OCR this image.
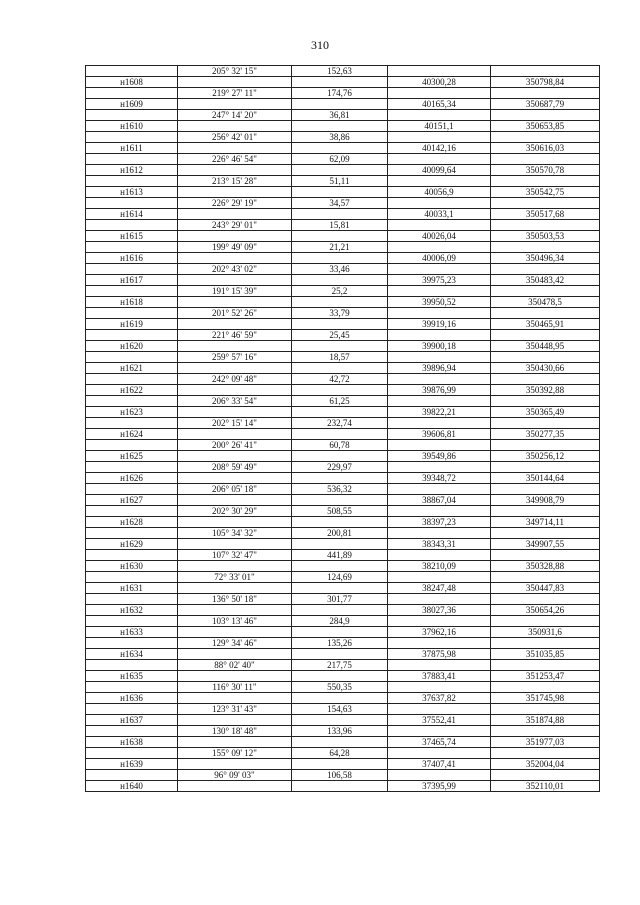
310
	205° 32' 15"	152,63		
н1608			40300,28	350798,84
	219° 27' 11"	174,76		
н1609			40165,34	350687,79
	247° 14' 20"	36,81		
н1610			40151,1	350653,85
	256° 42' 01"	38,86		
н1611			40142,16	350616,03
	226° 46' 54"	62,09		
н1612			40099,64	350570,78
	213° 15' 28"	51,11		
н1613			40056,9	350542,75
	226° 29' 19"	34,57		
н1614			40033,1	350517,68
	243° 29' 01"	15,81		
н1615			40026,04	350503,53
	199° 49' 09"	21,21		
н1616			40006,09	350496,34
	202° 43' 02"	33,46		
н1617			39975,23	350483,42
	191° 15' 39"	25,2		
н1618			39950,52	350478,5
	201° 52' 26"	33,79		
н1619			39919,16	350465,91
	221° 46' 59"	25,45		
н1620			39900,18	350448,95
	259° 57' 16"	18,57		
н1621			39896,94	350430,66
	242° 09' 48"	42,72		
н1622			39876,99	350392,88
	206° 33' 54"	61,25		
н1623			39822,21	350365,49
	202° 15' 14"	232,74		
н1624			39606,81	350277,35
	200° 26' 41"	60,78		
н1625			39549,86	350256,12
	208° 59' 49"	229,97		
н1626			39348,72	350144,64
	206° 05' 18"	536,32		
н1627			38867,04	349908,79
	202° 30' 29"	508,55		
н1628			38397,23	349714,11
	105° 34' 32"	200,81		
н1629			38343,31	349907,55
	107° 32' 47"	441,89		
н1630			38210,09	350328,88
	72° 33' 01"	124,69		
н1631			38247,48	350447,83
	136° 50' 18"	301,77		
н1632			38027,36	350654,26
	103° 13' 46"	284,9		
н1633			37962,16	350931,6
	129° 34' 46"	135,26		
н1634			37875,98	351035,85
	88° 02' 40"	217,75		
н1635			37883,41	351253,47
	116° 30' 11"	550,35		
н1636			37637,82	351745,98
	123° 31' 43"	154,63		
н1637			37552,41	351874,88
	130° 18' 48"	133,96		
н1638			37465,74	351977,03
	155° 09' 12"	64,28		
н1639			37407,41	352004,04
	96° 09' 03"	106,58		
н1640			37395,99	352110,01
